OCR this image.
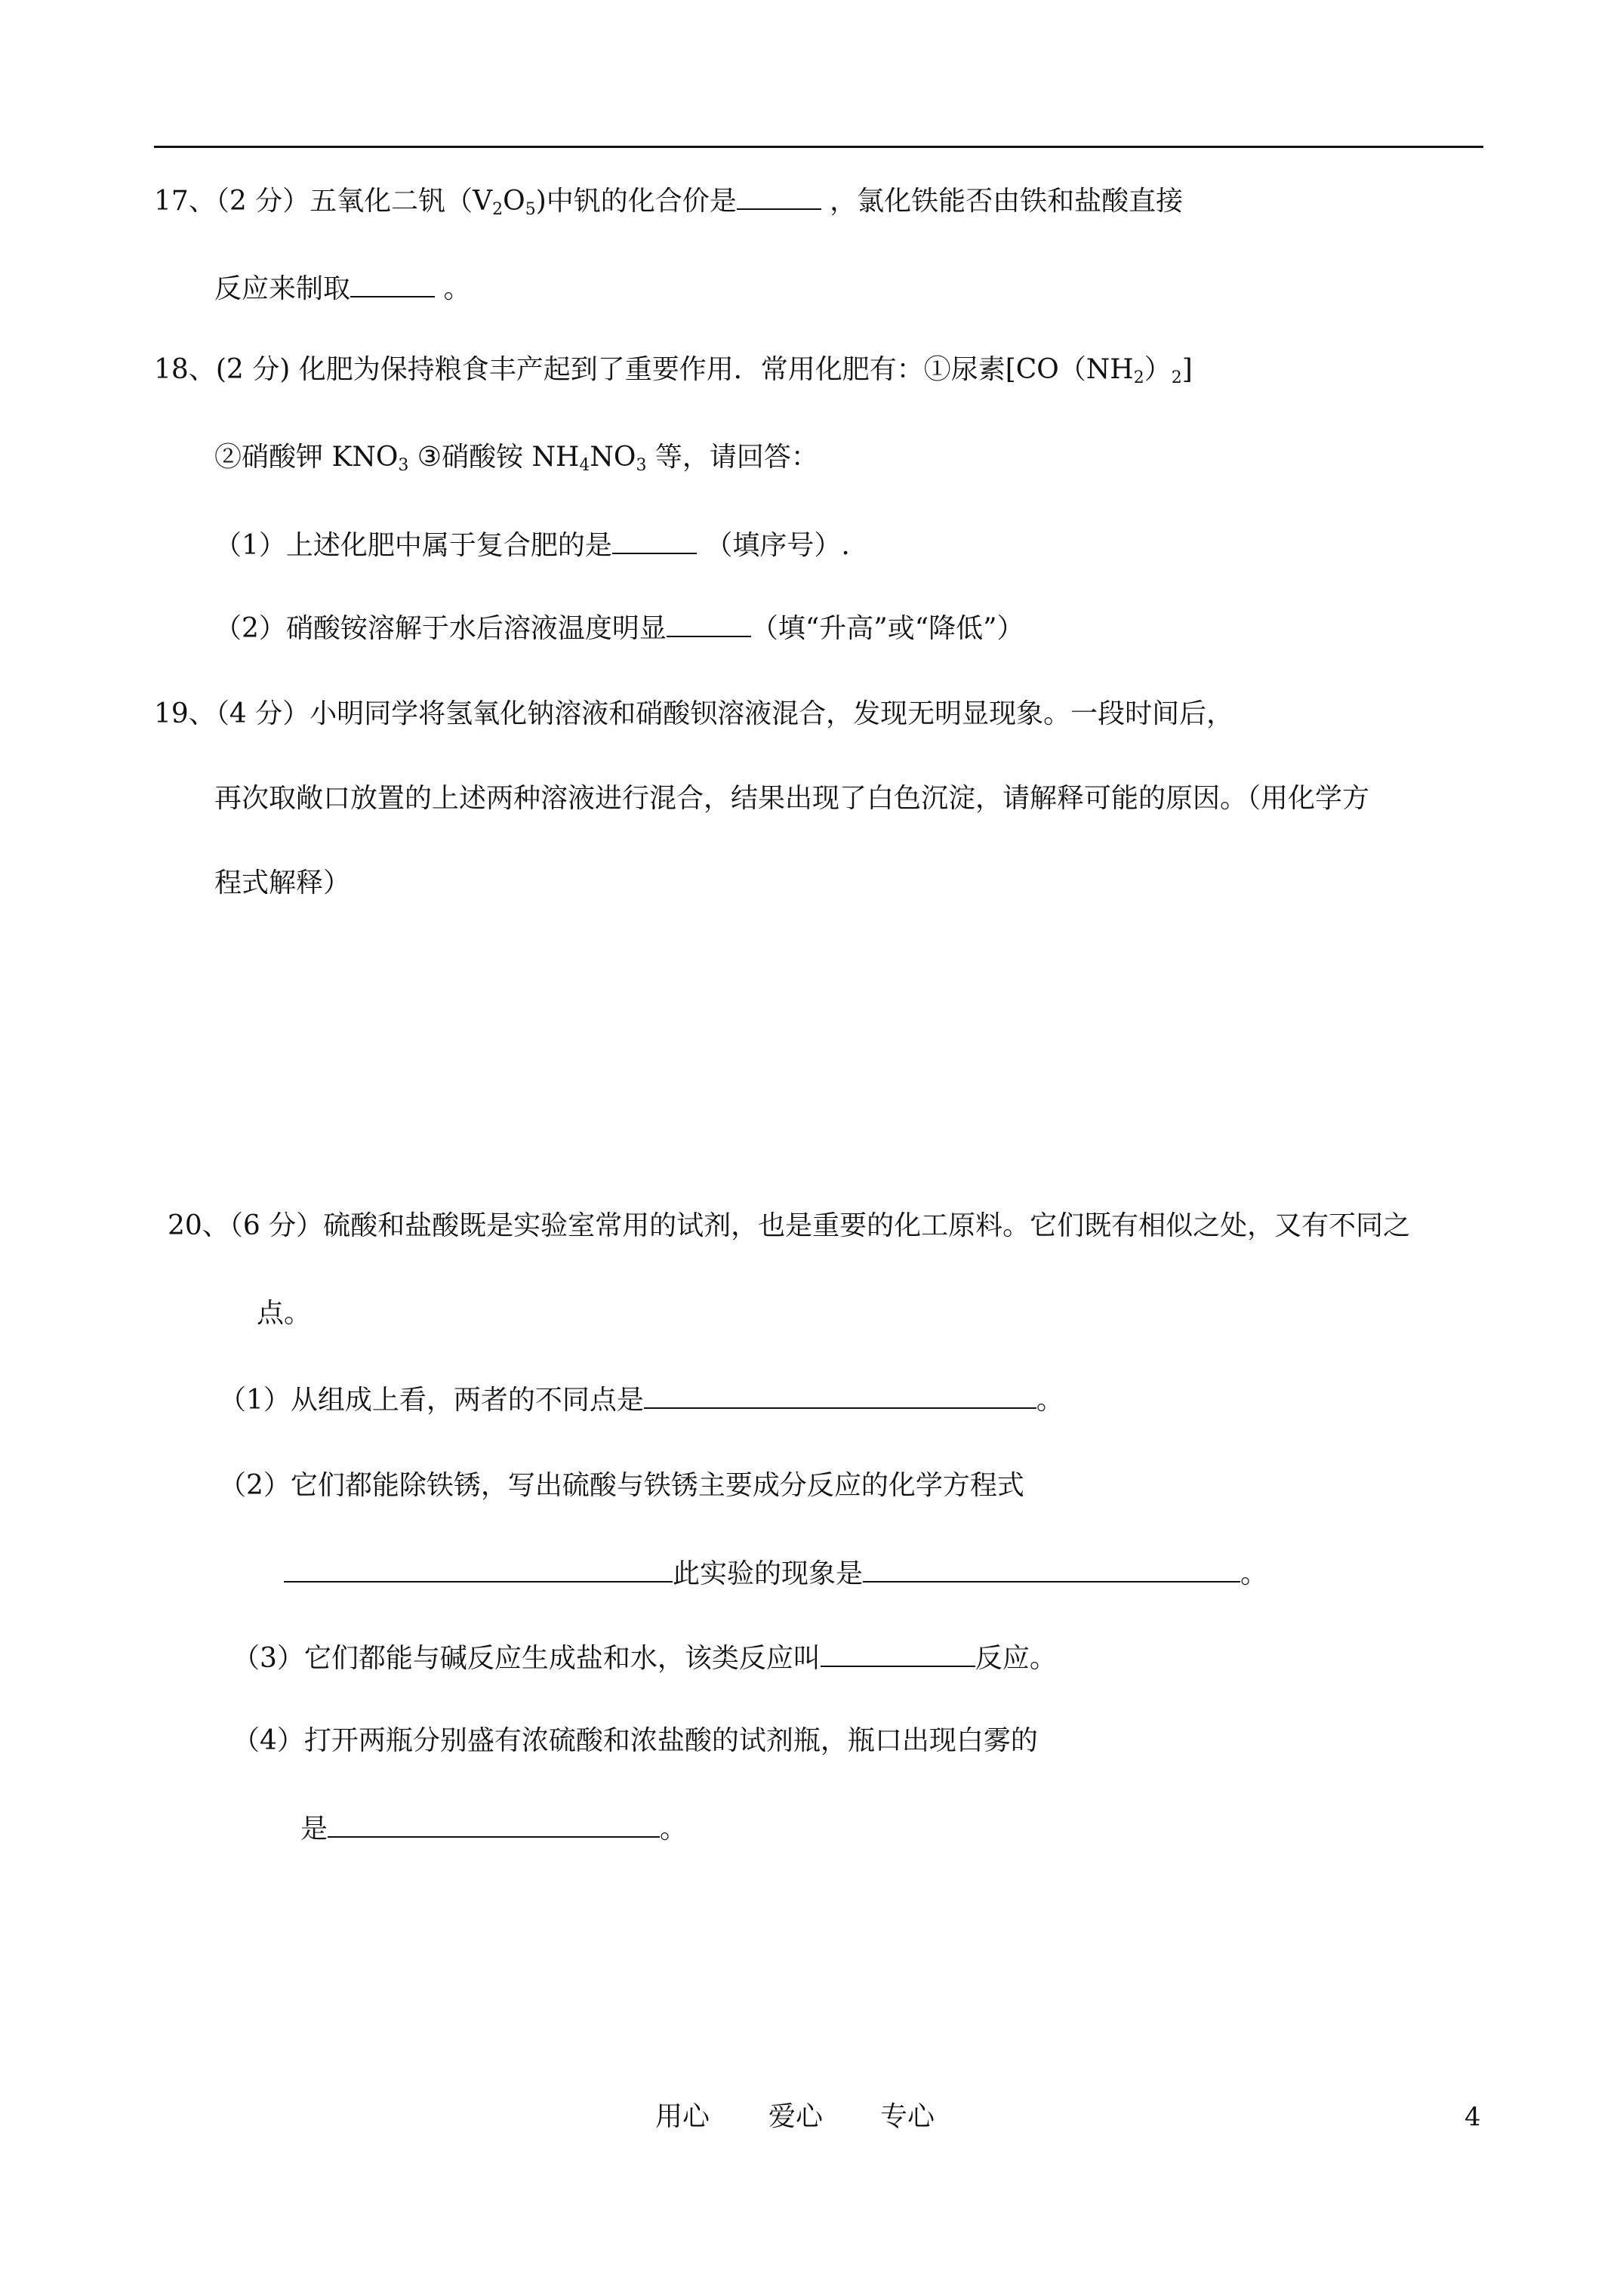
17、（2 分）五氧化二钒$(V_2O_5)$中钒的化合价是	，氯化铁能否由铁和盐酸直接
反应来制取	。
18、(2 分) 化肥为保持粮食丰产起到了重要作用．常用化肥有：①尿素$[CO(NH_2)_2]$
②硝酸钾 $KNO_3$ ③硝酸铵 $NH_4NO_3$ 等，请回答：
（1）上述化肥中属于复合肥的是	（填序号）.
（2）硝酸铵溶解于水后溶液温度明显	（填“升高”或“降低”）
19、（4 分）小明同学将氢氧化钠溶液和硝酸钡溶液混合，发现无明显现象。一段时间后，
再次取敞口放置的上述两种溶液进行混合，结果出现了白色沉淀，请解释可能的原因。（用化学方
程式解释）
20、（6 分）硫酸和盐酸既是实验室常用的试剂，也是重要的化工原料。它们既有相似之处，又有不同之
点。
（1）从组成上看，两者的不同点是	。
（2）它们都能除铁锈，写出硫酸与铁锈主要成分反应的化学方程式
此实验的现象是	。
（3）它们都能与碱反应生成盐和水，该类反应叫	反应。
（4）打开两瓶分别盛有浓硫酸和浓盐酸的试剂瓶，瓶口出现白雾的
是	。
用心 爱心 专心	4
